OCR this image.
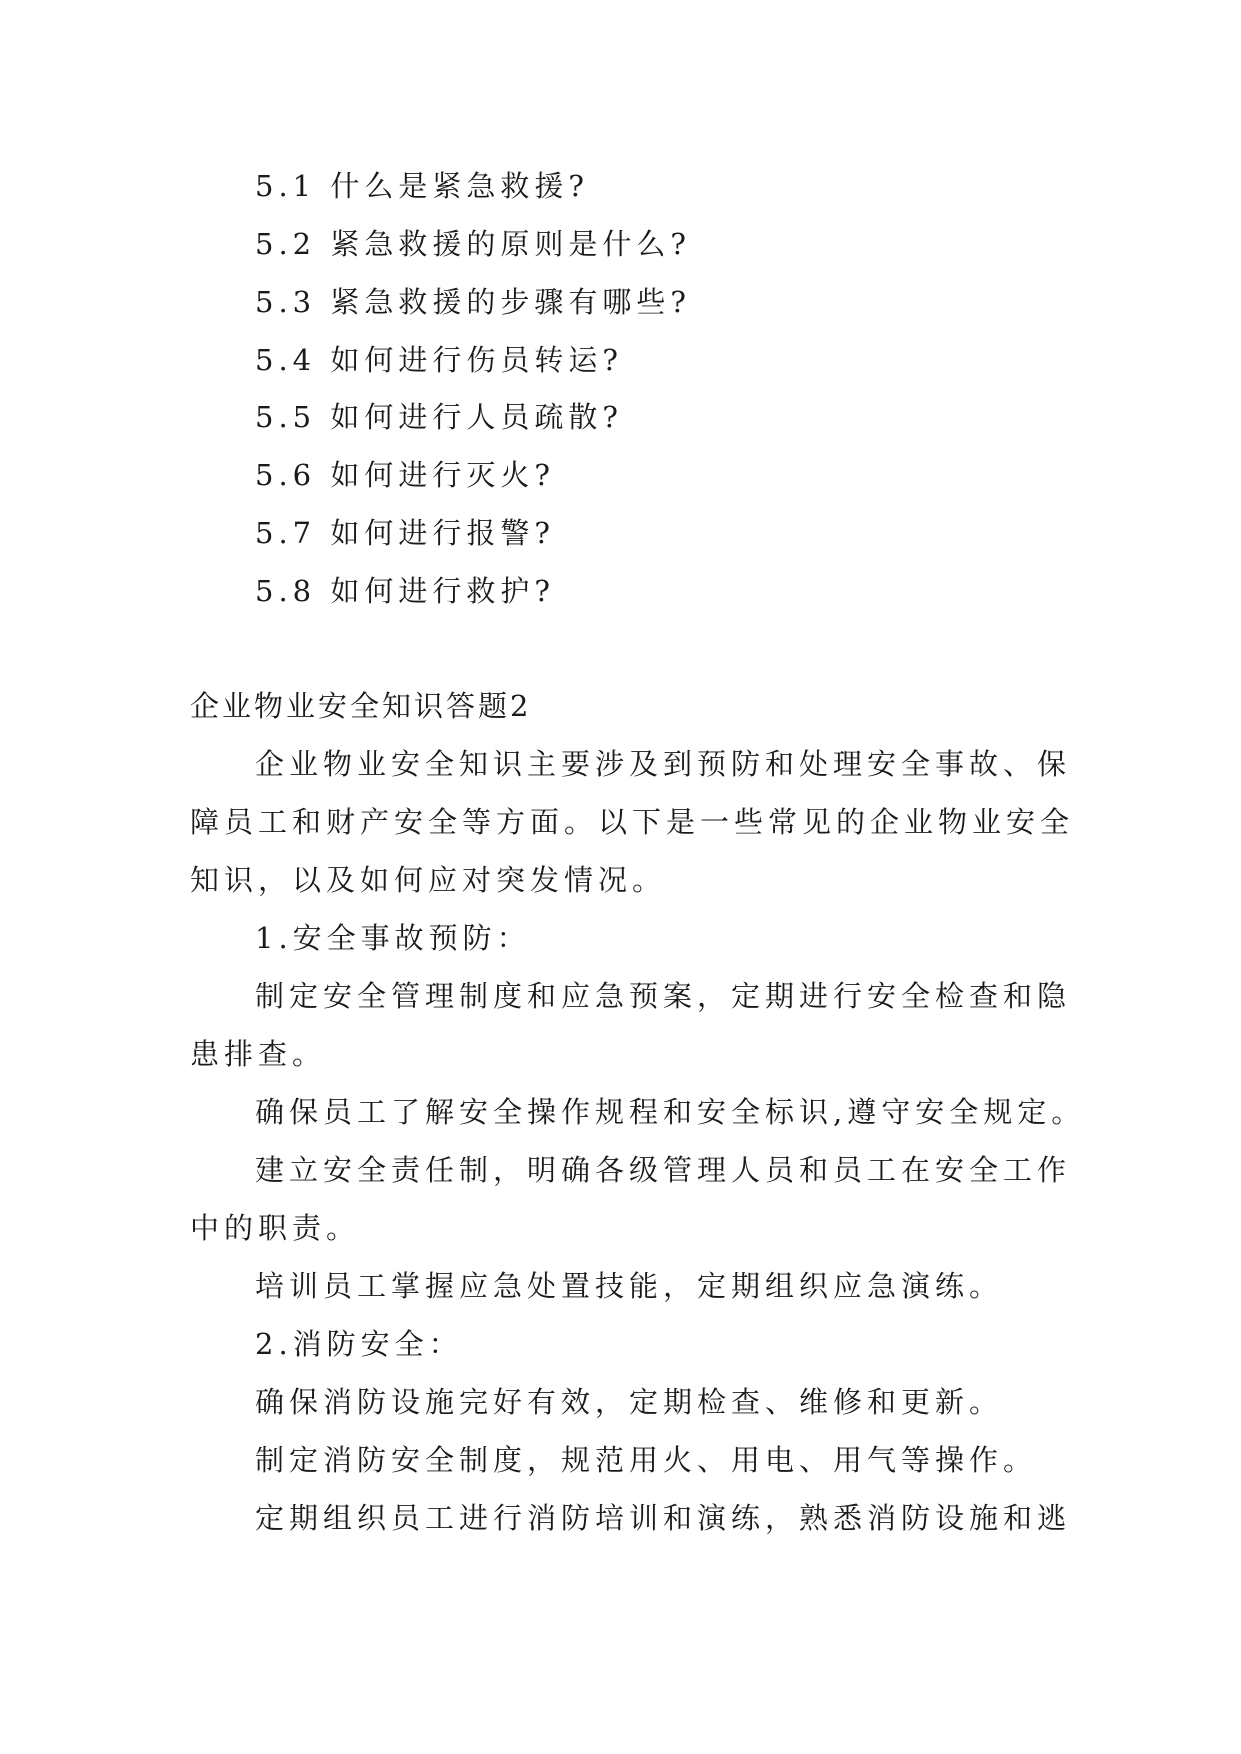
5.1 什么是紧急救援?
5.2 紧急救援的原则是什么?
5.3 紧急救援的步骤有哪些?
5.4 如何进行伤员转运?
5.5 如何进行人员疏散?
5.6 如何进行灭火?
5.7 如何进行报警?
5.8 如何进行救护?
企业物业安全知识答题2
企业物业安全知识主要涉及到预防和处理安全事故、保
障员工和财产安全等方面。以下是一些常见的企业物业安全
知识，以及如何应对突发情况。
1.安全事故预防：
制定安全管理制度和应急预案，定期进行安全检查和隐
患排查。
确保员工了解安全操作规程和安全标识,遵守安全规定。
建立安全责任制，明确各级管理人员和员工在安全工作
中的职责。
培训员工掌握应急处置技能，定期组织应急演练。
2.消防安全：
确保消防设施完好有效，定期检查、维修和更新。
制定消防安全制度，规范用火、用电、用气等操作。
定期组织员工进行消防培训和演练，熟悉消防设施和逃
